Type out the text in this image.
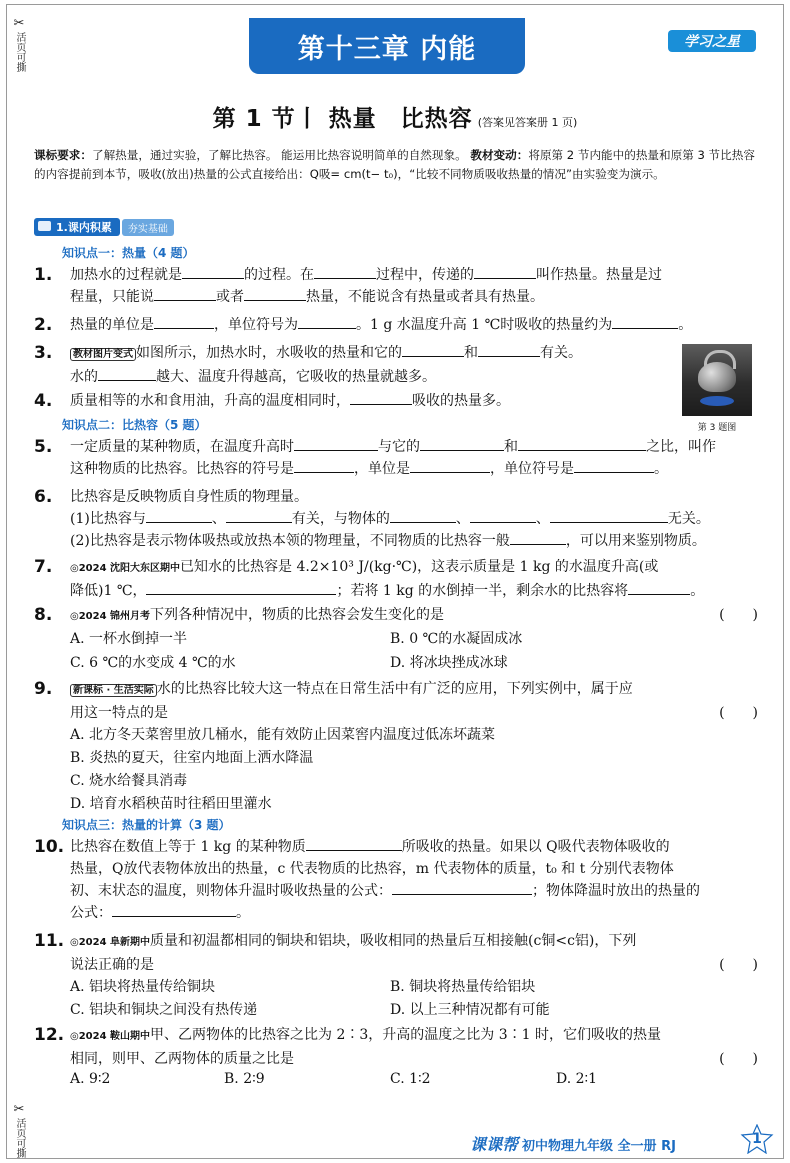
✂
活页可撕
✂
活页可撕
第十三章 内能	学习之星
第 1 节丨 热量　比热容 (答案见答案册 1 页)
课标要求：了解热量，通过实验，了解比热容。 能运用比热容说明简单的自然现象。 教材变动：将原第 2 节内能中的热量和原第 3 节比热容的内容提前到本节，吸收(放出)热量的公式直接给出：Q吸= cm(t− t₀)，“比较不同物质吸收热量的情况”由实验变为演示。
1.课内积累	夯实基础
知识点一：热量（4 题）
1.	加热水的过程就是	的过程。在	过程中，传递的	叫作热量。热量是过
程量，只能说	或者	热量，不能说含有热量或者具有热量。
2.	热量的单位是	，单位符号为	。1 g 水温度升高 1 ℃时吸收的热量约为	。
3.	教材图片变式 如图所示，加热水时，水吸收的热量和它的	和	有关。
水的	越大、温度升得越高，它吸收的热量就越多。
第 3 题图
4.	质量相等的水和食用油，升高的温度相同时，	吸收的热量多。
知识点二：比热容（5 题）
5.	一定质量的某种物质，在温度升高时	与它的	和	之比，叫作
这种物质的比热容。比热容的符号是	，单位是	，单位符号是	。
6.	比热容是反映物质自身性质的物理量。
(1)比热容与	、	有关，与物体的	、	、	无关。
(2)比热容是表示物体吸热或放热本领的物理量，不同物质的比热容一般	，可以用来鉴别物质。
7.	◎2024 沈阳大东区期中已知水的比热容是 4.2×10³ J/(kg·℃)，这表示质量是 1 kg 的水温度升高(或
降低)1 ℃，	；若将 1 kg 的水倒掉一半，剩余水的比热容将	。
8.	◎2024 锦州月考下列各种情况中，物质的比热容会发生变化的是	(　　)
A. 一杯水倒掉一半	B. 0 ℃的水凝固成冰
C. 6 ℃的水变成 4 ℃的水	D. 将冰块挫成冰球
9.	新课标 · 生活实际 水的比热容比较大这一特点在日常生活中有广泛的应用，下列实例中，属于应
用这一特点的是	(　　)
A. 北方冬天菜窖里放几桶水，能有效防止因菜窖内温度过低冻坏蔬菜
B. 炎热的夏天，往室内地面上洒水降温
C. 烧水给餐具消毒
D. 培育水稻秧苗时往稻田里灌水
知识点三：热量的计算（3 题）
10. 比热容在数值上等于 1 kg 的某种物质	所吸收的热量。如果以 Q吸代表物体吸收的
热量，Q放代表物体放出的热量，c 代表物质的比热容，m 代表物体的质量，t₀ 和 t 分别代表物体
初、末状态的温度，则物体升温时吸收热量的公式：	；物体降温时放出的热量的
公式：	。
11. ◎2024 阜新期中质量和初温都相同的铜块和铝块，吸收相同的热量后互相接触(c铜<c铝)，下列
说法正确的是	(　　)
A. 铝块将热量传给铜块	B. 铜块将热量传给铝块
C. 铝块和铜块之间没有热传递	D. 以上三种情况都有可能
12. ◎2024 鞍山期中甲、乙两物体的比热容之比为 2∶3，升高的温度之比为 3∶1 时，它们吸收的热量
相同，则甲、乙两物体的质量之比是	(　　)
A. 9∶2	B. 2∶9	C. 1∶2	D. 2∶1
课课帮 初中物理九年级 全一册 RJ	1
